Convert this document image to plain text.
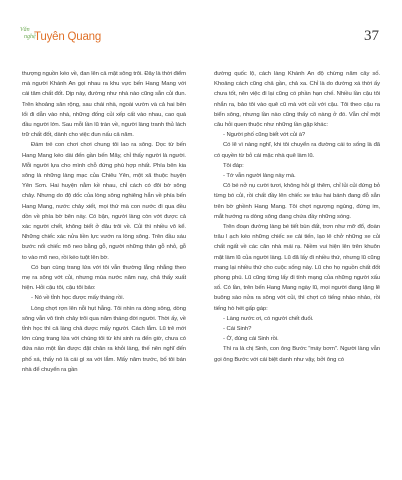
Văn
nghệ
Tuyên Quang	37

thượng nguồn kéo về, đan lên cả mặt sông trôi. Đây là thời điểm mà người Khánh An gọi nhau ra khu vực bến Hang Mang với cái tâm chất đốt. Dịp này, đường như nhà nào cũng sẵn củi đun. Trên khoảng sân rộng, sau chái nhà, ngoài vườn và cả hai bên lối đi dẫn vào nhà, những đống củi xếp cất vào nhau, cao quá đầu người lớn. Sau mỗi lần lũ tràn về, người làng tranh thủ lách trữ chất đốt, dành cho việc đun nấu cả năm.

Đám trẻ con chơi chơi chung tôi lao ra sông. Dọc từ bến Hang Mang kéo dài đến gần bến Mây, chỉ thấy người là người. Mỗi người lựa cho mình chỗ đứng phù hợp nhất. Phía bên kia sông là những làng mạc của Chiêu Yên, một xã thuộc huyện Yên Sơn. Hai huyện nằm kề nhau, chỉ cách có đôi bờ sông chảy. Nhưng do độ dốc của lòng sông nghiêng hẳn về phía bến Hang Mang, nước chảy xiết, mọi thứ mà con nước đi qua đều dồn về phía bờ bên này. Có bận, người làng còn vớt được cả xác người chết, không biết ở đâu trôi về. Củi thì nhiều vô kể. Những chiếc xác nửa liền lực vướn ra lòng sông. Trên đầu sáu bước nối chiếc mõ neo bằng gỗ, người những thân gỗ nhỏ, gỗ to vào mõ neo, rồi kéo tuột lên bờ.

Có bạn cùng trang lứa với tôi vẫn thường lẵng nhẵng theo mẹ ra sông vớt củi, nhưng mùa nước năm nay, chả thấy xuất hiện. Hỏi cậu tôi, cậu tôi bảo:

- Nó về tỉnh học được mấy tháng rồi.

Lòng chợt rợn lên nỗi hụt hẫng. Tôi nhìn ra dòng sông, dòng sông vẫn vô tình chảy trôi qua năm tháng đời người. Thời ấy, về tỉnh học thì cả làng chả được mấy người. Cách lắm. Lũ trẻ mới lớn cùng trang lứa với chúng tôi từ khi sinh ra đến giờ, chưa có đứa nào một lần được đặt chân ra khỏi làng, thế nên nghĩ đến phố xá, thấy nó là cái gì xa với lắm. Mấy năm trước, bố tôi bán nhà để chuyển ra gần

đường quốc lộ, cách làng Khánh An độ chừng năm cây số. Khoảng cách cũng chả gần, chả xa. Chỉ là do đường xá thời ấy chưa tốt, nên việc đi lại cũng có phần hạn chế. Nhiều lần cậu tôi nhắn ra, bảo tôi vào quê cũ mà vớt củi với cậu. Tôi theo cậu ra biển sông, nhưng lần nào cũng thấy cô nàng ở đó. Vẫn chỉ một câu hỏi quen thuộc như những lần gặp khác:

- Người phố cũng biết vớt củi à?

Có lẽ vì nàng nghĩ, khi tôi chuyển ra đường cái to sống là đã có quyền từ bỏ cái mặc nhà quê làm lũ.

Tôi đáp:

- Tớ vẫn người làng này mà.

Cô bé nở nụ cười tươi, không hỏi gì thêm, chỉ lủi củi đứng bỏ từng bó củi, rồi chất đầy lên chiếc xe trâu hai bánh đang đỗ sẵn trên bờ ghềnh Hang Mang. Tôi chợt ngượng ngùng, đứng im, mắt hướng ra dòng sông đang chứa đầy những sóng.

Trên đoạn đường làng bé tiết bùn đất, trơn như mỡ đổ, đoàn trâu l ạch kéo những chiếc xe cải tiến, lạo lê chở những xe củi chất ngất về các căn nhà mái rạ. Niềm vui hiện lên trên khuôn mặt làm lũ của người làng. Lũ đã lấy đi nhiều thứ, nhưng lũ cũng mang lại nhiều thứ cho cuộc sống này. Lũ cho họ nguồn chất đốt phong phú. Lũ cũng từng lấy đi tính mạng của những người xấu số. Có lần, trên bến Hang Mang ngày lũ, mọi người đang lặng lẽ buông sào nửa ra sông vớt củi, thì chợt có tiếng nhào nhảo, rồi tiếng hò hét gấp gáp:

- Làng nước ơi, có người chết đuối.

- Cái Sinh?

- Ờ, đúng cái Sinh rồi.

Thì ra là chị Sinh, con ông Bước "máy bơm". Người làng vẫn gọi ông Bước với cái biệt danh như vậy, bởi ông có
